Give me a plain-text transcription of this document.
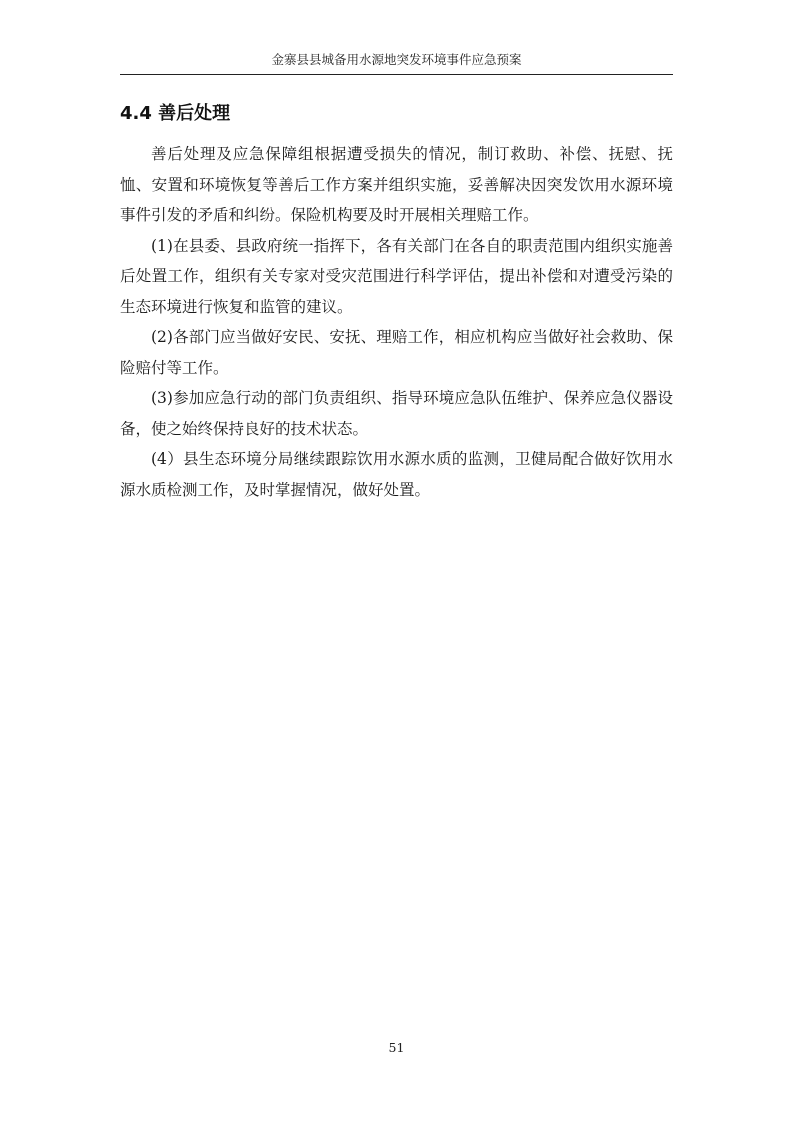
金寨县县城备用水源地突发环境事件应急预案
4.4 善后处理

善后处理及应急保障组根据遭受损失的情况，制订救助、补偿、抚慰、抚恤、安置和环境恢复等善后工作方案并组织实施，妥善解决因突发饮用水源环境事件引发的矛盾和纠纷。保险机构要及时开展相关理赔工作。

(1)在县委、县政府统一指挥下，各有关部门在各自的职责范围内组织实施善后处置工作，组织有关专家对受灾范围进行科学评估，提出补偿和对遭受污染的生态环境进行恢复和监管的建议。

(2)各部门应当做好安民、安抚、理赔工作，相应机构应当做好社会救助、保险赔付等工作。

(3)参加应急行动的部门负责组织、指导环境应急队伍维护、保养应急仪器设备，使之始终保持良好的技术状态。

(4）县生态环境分局继续跟踪饮用水源水质的监测，卫健局配合做好饮用水源水质检测工作，及时掌握情况，做好处置。

51
